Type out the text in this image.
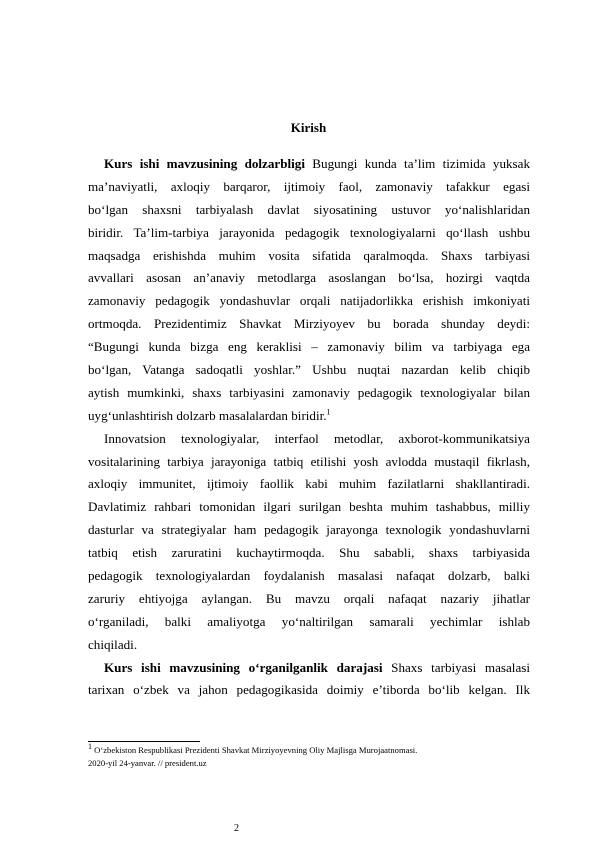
Kirish
Kurs ishi mavzusining dolzarbligi Bugungi kunda ta’lim tizimida yuksak
ma’naviyatli, axloqiy barqaror, ijtimoiy faol, zamonaviy tafakkur egasi
bo‘lgan shaxsni tarbiyalash davlat siyosatining ustuvor yo‘nalishlaridan
biridir. Ta’lim-tarbiya jarayonida pedagogik texnologiyalarni qo‘llash ushbu
maqsadga erishishda muhim vosita sifatida qaralmoqda. Shaxs tarbiyasi
avvallari asosan an’anaviy metodlarga asoslangan bo‘lsa, hozirgi vaqtda
zamonaviy pedagogik yondashuvlar orqali natijadorlikka erishish imkoniyati
ortmoqda. Prezidentimiz Shavkat Mirziyoyev bu borada shunday deydi:
“Bugungi kunda bizga eng keraklisi – zamonaviy bilim va tarbiyaga ega
bo‘lgan, Vatanga sadoqatli yoshlar.” Ushbu nuqtai nazardan kelib chiqib
aytish mumkinki, shaxs tarbiyasini zamonaviy pedagogik texnologiyalar bilan
uyg‘unlashtirish dolzarb masalalardan biridir.$^1$
Innovatsion texnologiyalar, interfaol metodlar, axborot-kommunikatsiya
vositalarining tarbiya jarayoniga tatbiq etilishi yosh avlodda mustaqil fikrlash,
axloqiy immunitet, ijtimoiy faollik kabi muhim fazilatlarni shakllantiradi.
Davlatimiz rahbari tomonidan ilgari surilgan beshta muhim tashabbus, milliy
dasturlar va strategiyalar ham pedagogik jarayonga texnologik yondashuvlarni
tatbiq etish zaruratini kuchaytirmoqda. Shu sababli, shaxs tarbiyasida
pedagogik texnologiyalardan foydalanish masalasi nafaqat dolzarb, balki
zaruriy ehtiyojga aylangan. Bu mavzu orqali nafaqat nazariy jihatlar
o‘rganiladi, balki amaliyotga yo‘naltirilgan samarali yechimlar ishlab
chiqiladi.
Kurs ishi mavzusining o‘rganilganlik darajasi Shaxs tarbiyasi masalasi
tarixan o‘zbek va jahon pedagogikasida doimiy e’tiborda bo‘lib kelgan. Ilk
$^1$ O‘zbekiston Respublikasi Prezidenti Shavkat Mirziyoyevning Oliy Majlisga Murojaatnomasi.
2020-yil 24-yanvar. // president.uz
2
